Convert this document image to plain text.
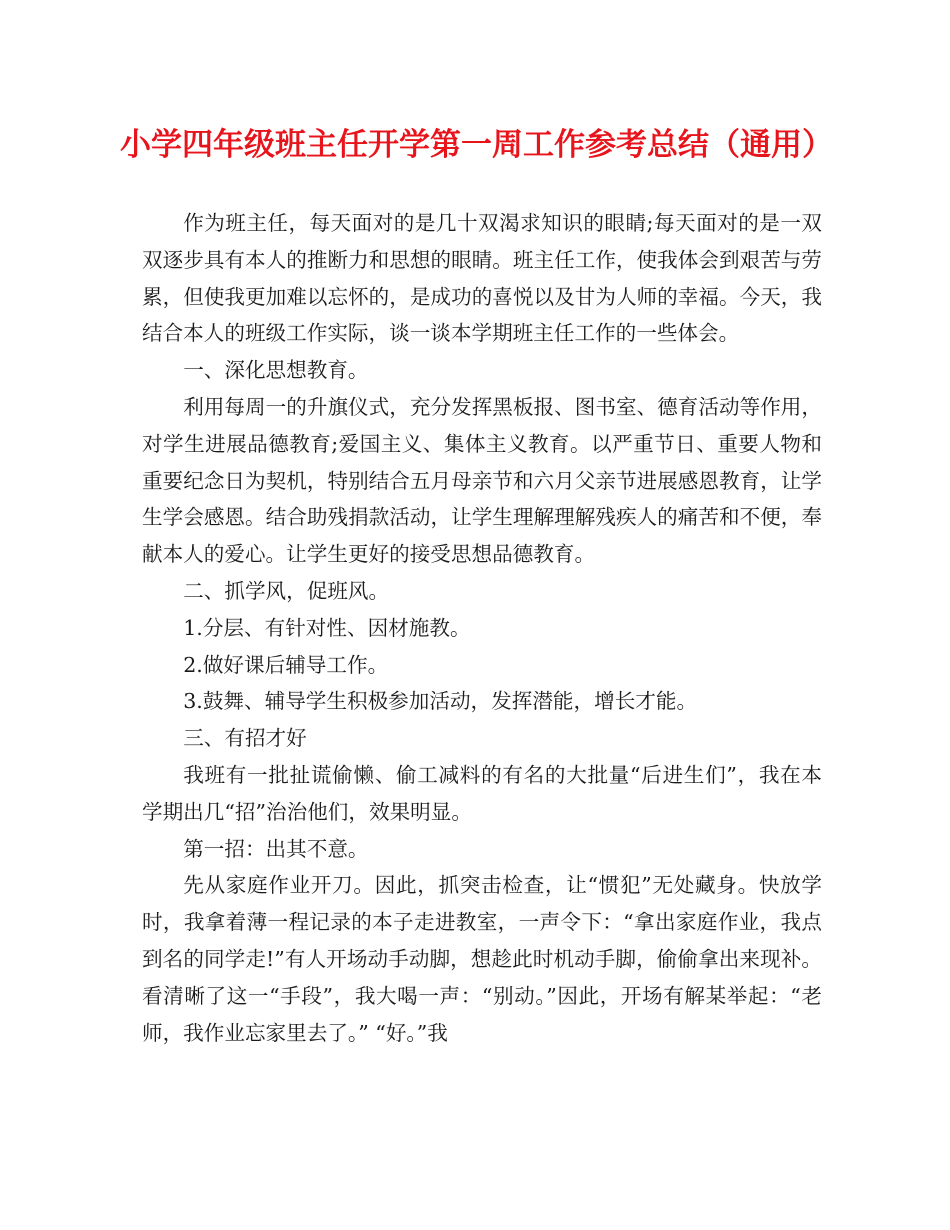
小学四年级班主任开学第一周工作参考总结（通用）

作为班主任，每天面对的是几十双渴求知识的眼睛;每天面对的是一双双逐步具有本人的推断力和思想的眼睛。班主任工作，使我体会到艰苦与劳累，但使我更加难以忘怀的，是成功的喜悦以及甘为人师的幸福。今天，我结合本人的班级工作实际，谈一谈本学期班主任工作的一些体会。

一、深化思想教育。

利用每周一的升旗仪式，充分发挥黑板报、图书室、德育活动等作用，对学生进展品德教育;爱国主义、集体主义教育。以严重节日、重要人物和重要纪念日为契机，特别结合五月母亲节和六月父亲节进展感恩教育，让学生学会感恩。结合助残捐款活动，让学生理解理解残疾人的痛苦和不便，奉献本人的爱心。让学生更好的接受思想品德教育。

二、抓学风，促班风。

1.分层、有针对性、因材施教。

2.做好课后辅导工作。

3.鼓舞、辅导学生积极参加活动，发挥潜能，增长才能。

三、有招才好

我班有一批扯谎偷懒、偷工减料的有名的大批量“后进生们”，我在本学期出几“招”治治他们，效果明显。

第一招：出其不意。

先从家庭作业开刀。因此，抓突击检查，让“惯犯”无处藏身。快放学时，我拿着薄一程记录的本子走进教室，一声令下：“拿出家庭作业，我点到名的同学走!”有人开场动手动脚，想趁此时机动手脚，偷偷拿出来现补。看清晰了这一“手段”，我大喝一声：“别动。”因此，开场有解某举起：“老师，我作业忘家里去了。” “好。”我
